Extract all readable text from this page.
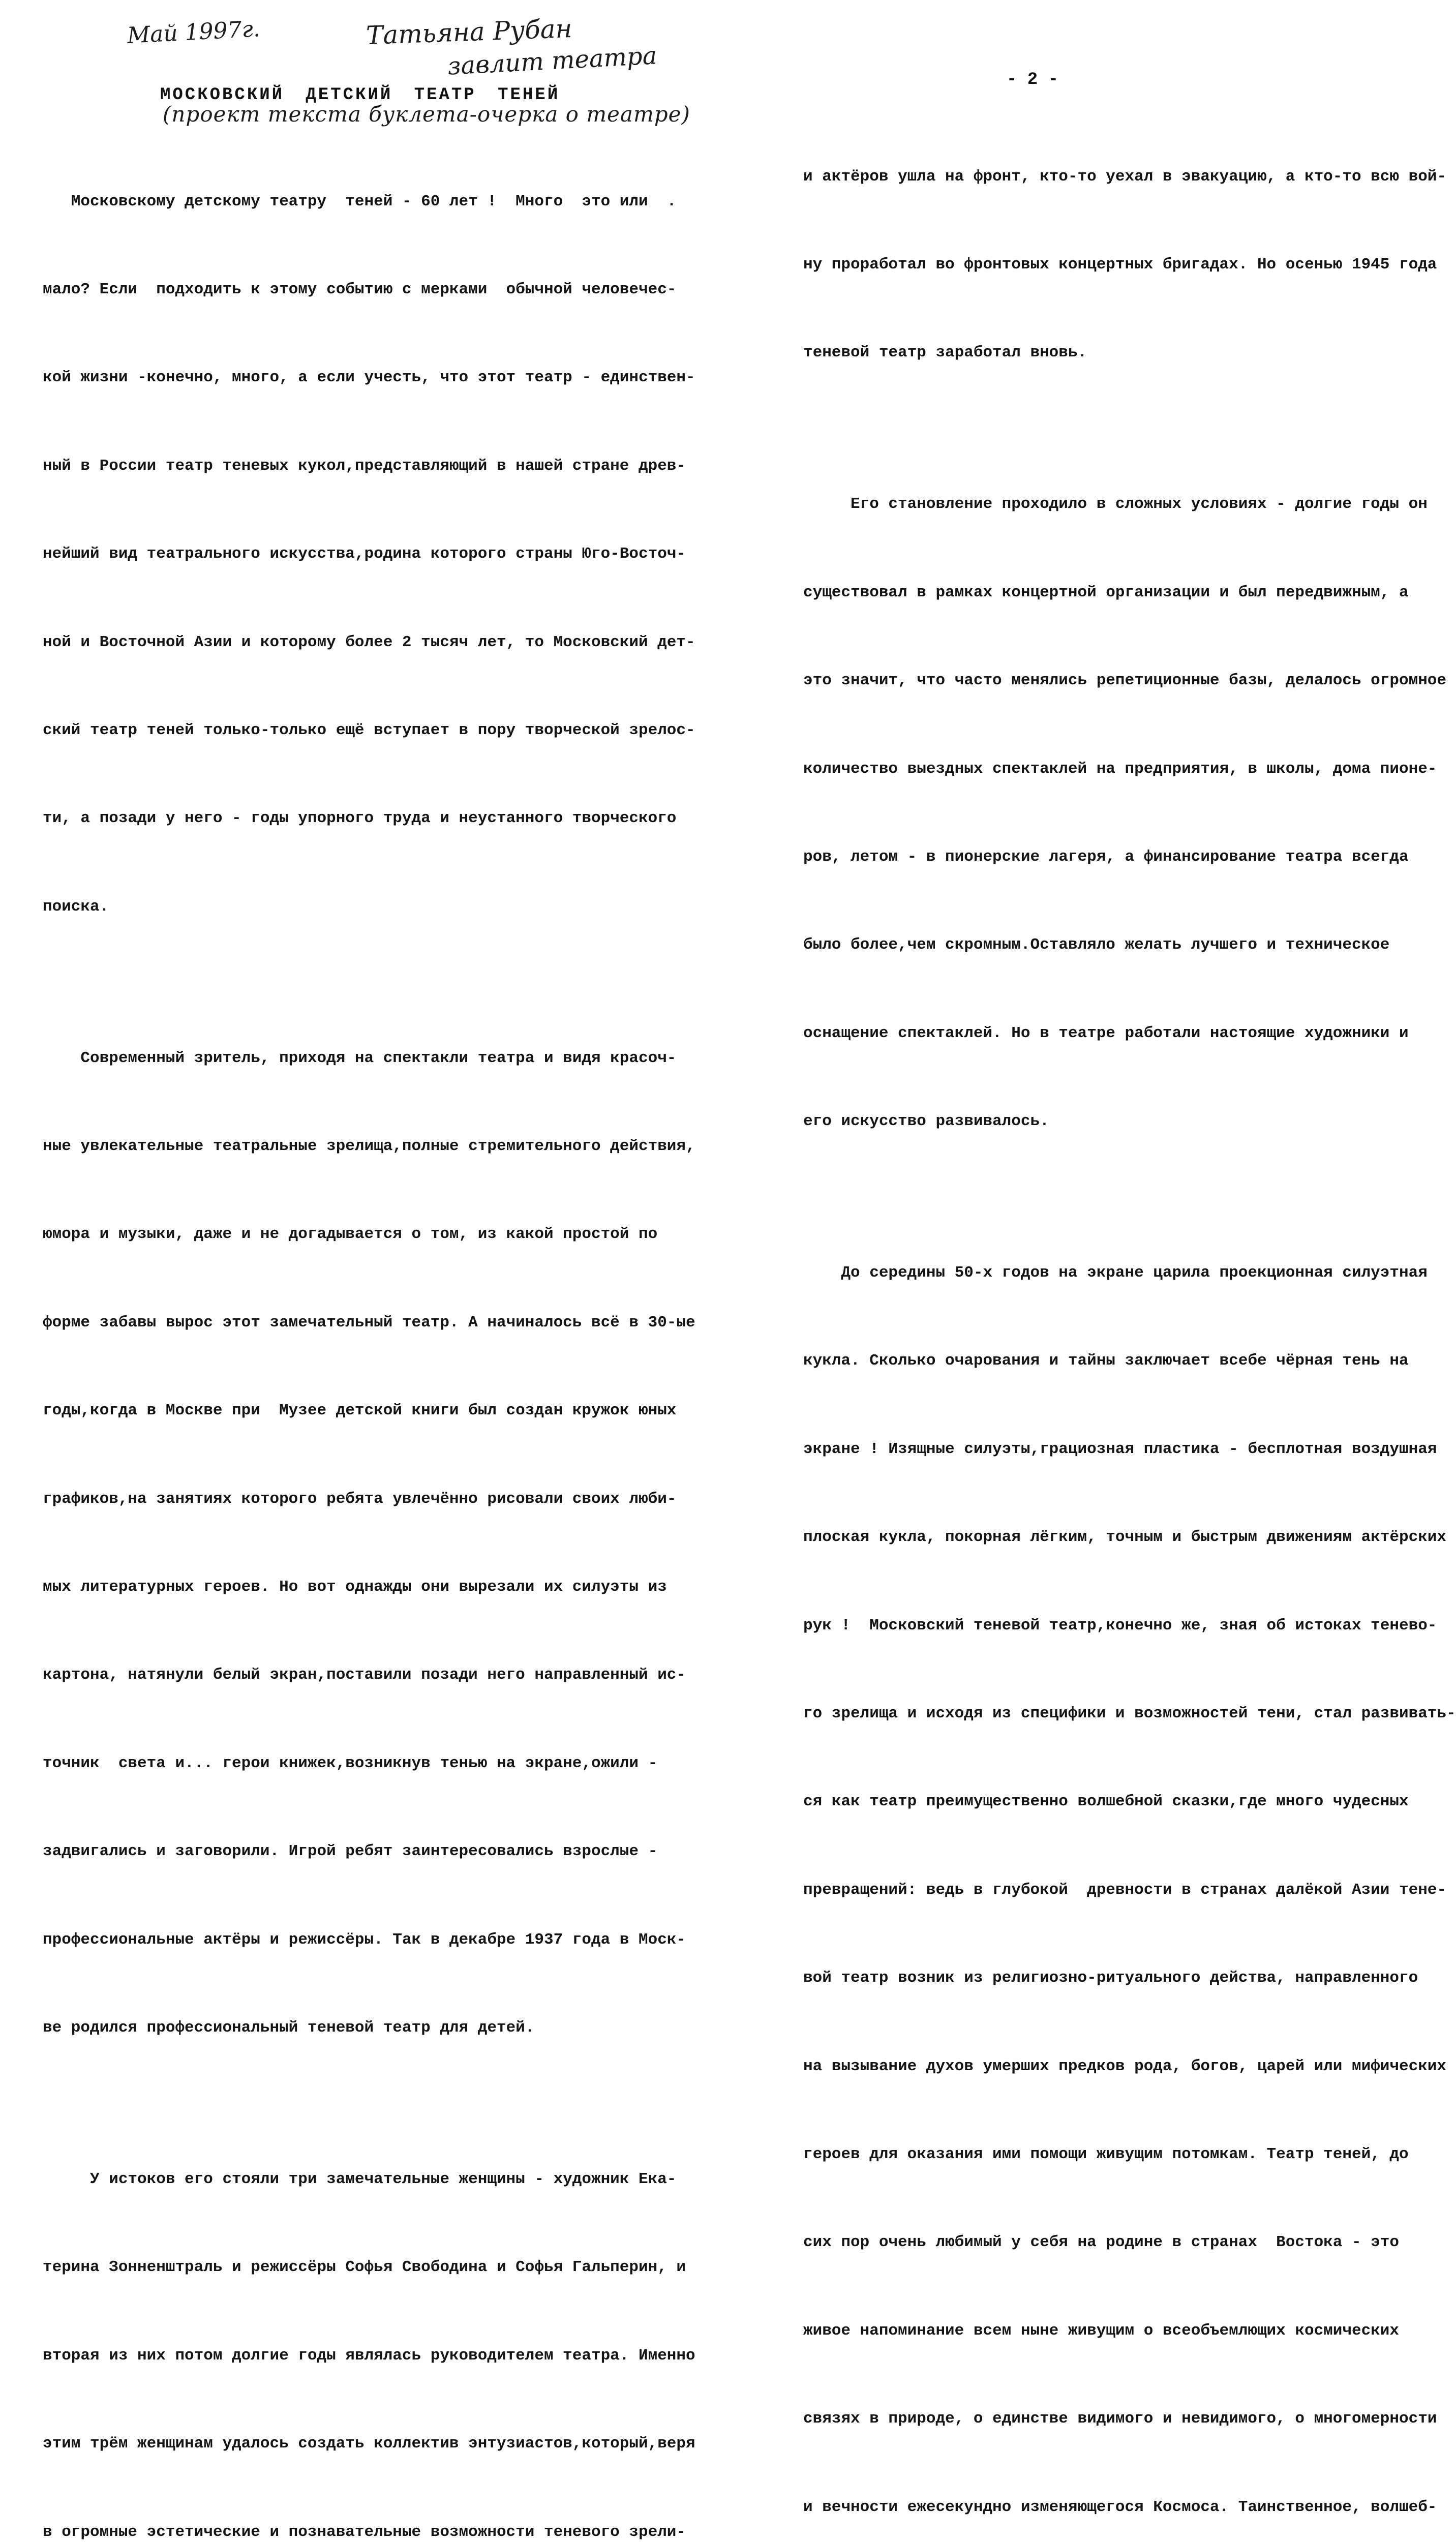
Май 1997г.	Татьяна Рубан
завлит театра
МОСКОВСКИЙ ДЕТСКИЙ ТЕАТР ТЕНЕЙ
(проект текста буклета-очерка о театре)

Московскому детскому театру  теней - 60 лет !  Много  это или  .

мало? Если  подходить к этому событию с мерками  обычной человечес-

кой жизни -конечно, много, а если учесть, что этот театр - единствен-

ный в России театр теневых кукол,представляющий в нашей стране древ-

нейший вид театрального искусства,родина которого страны Юго-Восточ-

ной и Восточной Азии и которому более 2 тысяч лет, то Московский дет-

ский театр теней только-только ещё вступает в пору творческой зрелос-

ти, а позади у него - годы упорного труда и неустанного творческого

поиска.

Современный зритель, приходя на спектакли театра и видя красоч-

ные увлекательные театральные зрелища,полные стремительного действия,

юмора и музыки, даже и не догадывается о том, из какой простой по

форме забавы вырос этот замечательный театр. А начиналось всё в 30-ые

годы,когда в Москве при  Музее детской книги был создан кружок юных

графиков,на занятиях которого ребята увлечённо рисовали своих люби-

мых литературных героев. Но вот однажды они вырезали их силуэты из

картона, натянули белый экран,поставили позади него направленный ис-

точник  света и... герои книжек,возникнув тенью на экране,ожили -

задвигались и заговорили. Игрой ребят заинтересовались взрослые -

профессиональные актёры и режиссёры. Так в декабре 1937 года в Моск-

ве родился профессиональный теневой театр для детей.

У истоков его стояли три замечательные женщины - художник Ека-

терина Зонненштраль и режиссёры Софья Свободина и Софья Гальперин, и

вторая из них потом долгие годы являлась руководителем театра. Именно

этим трём женщинам удалось создать коллектив энтузиастов,который,веря

в огромные эстетические и познавательные возможности теневого зрели-

- 2 -

и актёров ушла на фронт, кто-то уехал в эвакуацию, а кто-то всю вой-

ну проработал во фронтовых концертных бригадах. Но осенью 1945 года

теневой театр заработал вновь.

Его становление проходило в сложных условиях - долгие годы он

существовал в рамках концертной организации и был передвижным, а

это значит, что часто менялись репетиционные базы, делалось огромное

количество выездных спектаклей на предприятия, в школы, дома пионе-

ров, летом - в пионерские лагеря, а финансирование театра всегда

было более,чем скромным.Оставляло желать лучшего и техническое

оснащение спектаклей. Но в театре работали настоящие художники и

его искусство развивалось.

До середины 50-х годов на экране царила проекционная силуэтная

кукла. Сколько очарования и тайны заключает всебе чёрная тень на

экране ! Изящные силуэты,грациозная пластика - бесплотная воздушная

плоская кукла, покорная лёгким, точным и быстрым движениям актёрских

рук !  Московский теневой театр,конечно же, зная об истоках тенево-

го зрелища и исходя из специфики и возможностей тени, стал развивать-

ся как театр преимущественно волшебной сказки,где много чудесных

превращений: ведь в глубокой  древности в странах далёкой Азии тене-

вой театр возник из религиозно-ритуального действа, направленного

на вызывание духов умерших предков рода, богов, царей или мифических

героев для оказания ими помощи живущим потомкам. Театр теней, до

сих пор очень любимый у себя на родине в странах  Востока - это

живое напоминание всем ныне живущим о всеобъемлющих космических

связях в природе, о единстве видимого и невидимого, о многомерности

и вечности ежесекундно изменяющегося Космоса. Таинственное, волшеб-
